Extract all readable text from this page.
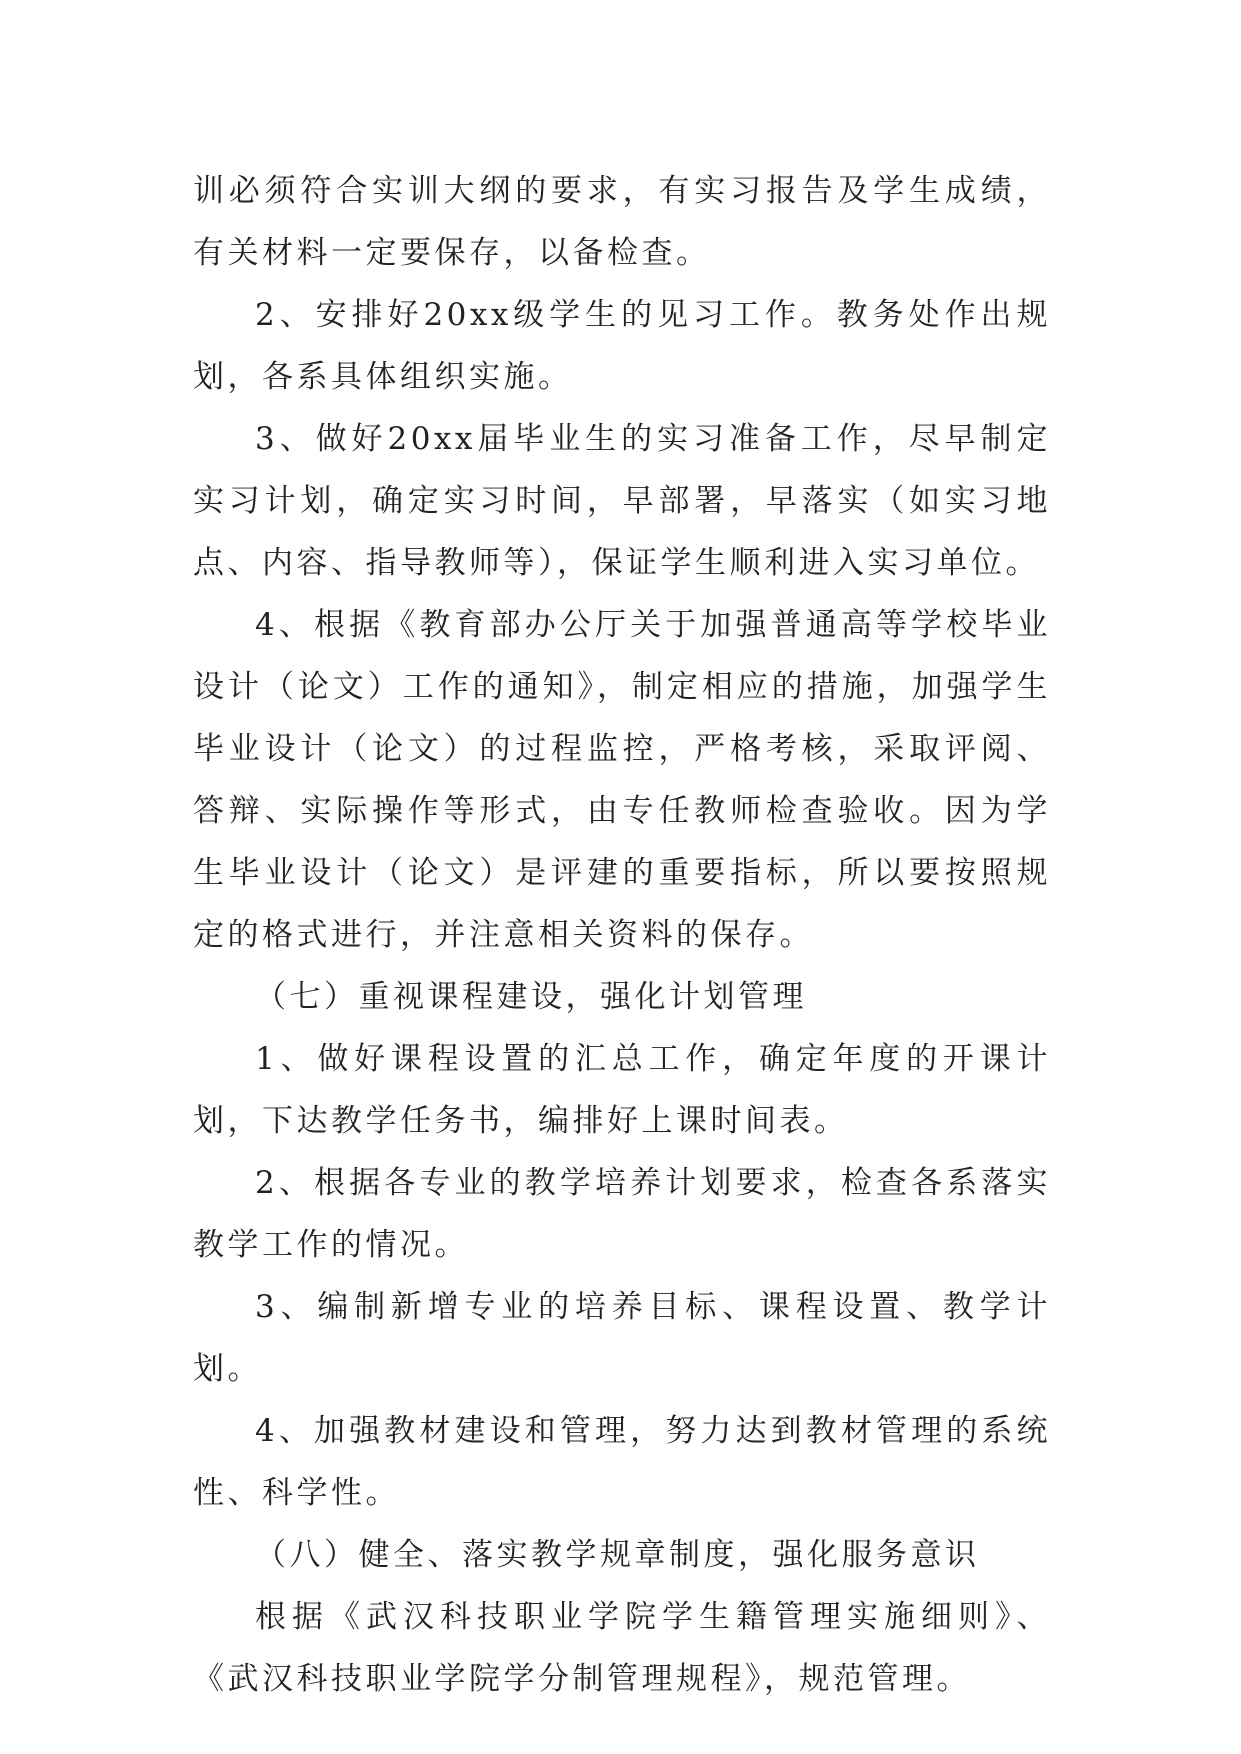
训必须符合实训大纲的要求，有实习报告及学生成绩，有关材料一定要保存，以备检查。

2、安排好20xx级学生的见习工作。教务处作出规划，各系具体组织实施。

3、做好20xx届毕业生的实习准备工作，尽早制定实习计划，确定实习时间，早部署，早落实（如实习地点、内容、指导教师等），保证学生顺利进入实习单位。

4、根据《教育部办公厅关于加强普通高等学校毕业设计（论文）工作的通知》，制定相应的措施，加强学生毕业设计（论文）的过程监控，严格考核，采取评阅、答辩、实际操作等形式，由专任教师检查验收。因为学生毕业设计（论文）是评建的重要指标，所以要按照规定的格式进行，并注意相关资料的保存。

（七）重视课程建设，强化计划管理

1、做好课程设置的汇总工作，确定年度的开课计划，下达教学任务书，编排好上课时间表。

2、根据各专业的教学培养计划要求，检查各系落实教学工作的情况。

3、编制新增专业的培养目标、课程设置、教学计划。

4、加强教材建设和管理，努力达到教材管理的系统性、科学性。

（八）健全、落实教学规章制度，强化服务意识

根据《武汉科技职业学院学生籍管理实施细则》、《武汉科技职业学院学分制管理规程》，规范管理。
